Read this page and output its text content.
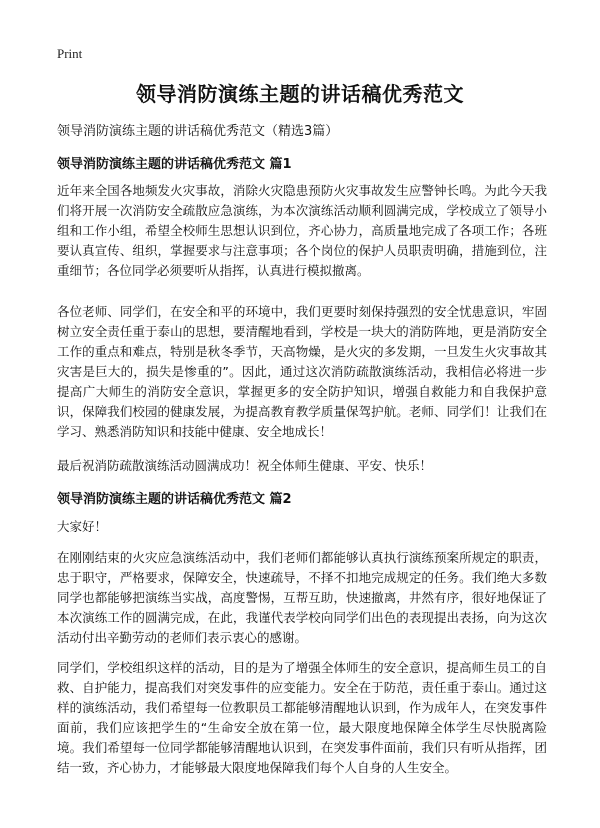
Print
领导消防演练主题的讲话稿优秀范文
领导消防演练主题的讲话稿优秀范文（精选3篇）
领导消防演练主题的讲话稿优秀范文 篇1
近年来全国各地频发火灾事故，消除火灾隐患预防火灾事故发生应警钟长鸣。为此今天我们将开展一次消防安全疏散应急演练，为本次演练活动顺利圆满完成，学校成立了领导小组和工作小组，希望全校师生思想认识到位，齐心协力，高质量地完成了各项工作；各班要认真宣传、组织，掌握要求与注意事项；各个岗位的保护人员职责明确，措施到位，注重细节；各位同学必须要听从指挥，认真进行模拟撤离。
各位老师、同学们，在安全和平的环境中，我们更要时刻保持强烈的安全忧患意识，牢固树立安全责任重于泰山的思想，要清醒地看到，学校是一块大的消防阵地，更是消防安全工作的重点和难点，特别是秋冬季节，天高物燥，是火灾的多发期，一旦发生火灾事故其灾害是巨大的，损失是惨重的”。因此，通过这次消防疏散演练活动，我相信必将进一步提高广大师生的消防安全意识，掌握更多的安全防护知识，增强自救能力和自我保护意识，保障我们校园的健康发展，为提高教育教学质量保驾护航。老师、同学们！让我们在学习、熟悉消防知识和技能中健康、安全地成长！
最后祝消防疏散演练活动圆满成功！祝全体师生健康、平安、快乐！
领导消防演练主题的讲话稿优秀范文 篇2
大家好！
在刚刚结束的火灾应急演练活动中，我们老师们都能够认真执行演练预案所规定的职责，忠于职守，严格要求，保障安全，快速疏导，不择不扣地完成规定的任务。我们绝大多数同学也都能够把演练当实战，高度警惕，互帮互助，快速撤离，井然有序，很好地保证了本次演练工作的圆满完成，在此，我谨代表学校向同学们出色的表现提出表扬，向为这次活动付出辛勤劳动的老师们表示衷心的感谢。
同学们，学校组织这样的活动，目的是为了增强全体师生的安全意识，提高师生员工的自救、自护能力，提高我们对突发事件的应变能力。安全在于防范，责任重于泰山。通过这样的演练活动，我们希望每一位教职员工都能够清醒地认识到，作为成年人，在突发事件面前，我们应该把学生的“生命安全放在第一位，最大限度地保障全体学生尽快脱离险境。我们希望每一位同学都能够清醒地认识到，在突发事件面前，我们只有听从指挥，团结一致，齐心协力，才能够最大限度地保障我们每个人自身的人生安全。
